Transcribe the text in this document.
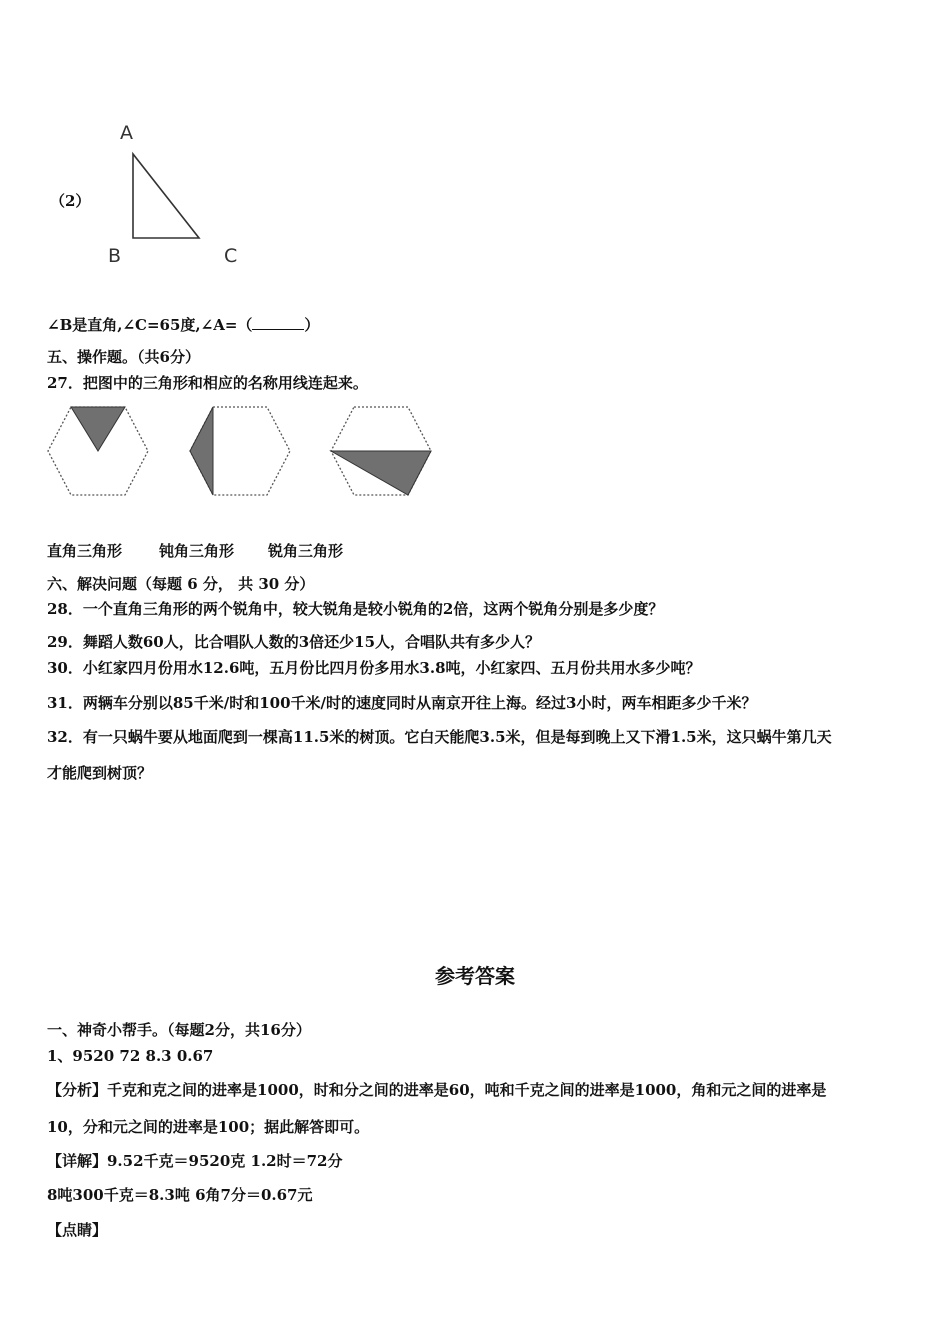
（2）
A
B	C
∠B是直角,∠C=65度,∠A=（	）
五、操作题。（共6分）
27．把图中的三角形和相应的名称用线连起来。
直角三角形 钝角三角形 锐角三角形
六、解决问题（每题 6 分， 共 30 分）
28．一个直角三角形的两个锐角中，较大锐角是较小锐角的2倍，这两个锐角分别是多少度？
29．舞蹈人数60人，比合唱队人数的3倍还少15人，合唱队共有多少人？
30．小红家四月份用水12.6吨，五月份比四月份多用水3.8吨，小红家四、五月份共用水多少吨？
31．两辆车分别以85千米/时和100千米/时的速度同时从南京开往上海。经过3小时，两车相距多少千米？
32．有一只蜗牛要从地面爬到一棵高11.5米的树顶。它白天能爬3.5米，但是每到晚上又下滑1.5米，这只蜗牛第几天
才能爬到树顶？
参考答案
一、神奇小帮手。（每题2分，共16分）
1、9520 72 8.3 0.67
【分析】千克和克之间的进率是1000，时和分之间的进率是60，吨和千克之间的进率是1000，角和元之间的进率是
10，分和元之间的进率是100；据此解答即可。
【详解】9.52千克＝9520克 1.2时＝72分
8吨300千克＝8.3吨 6角7分＝0.67元
【点睛】
